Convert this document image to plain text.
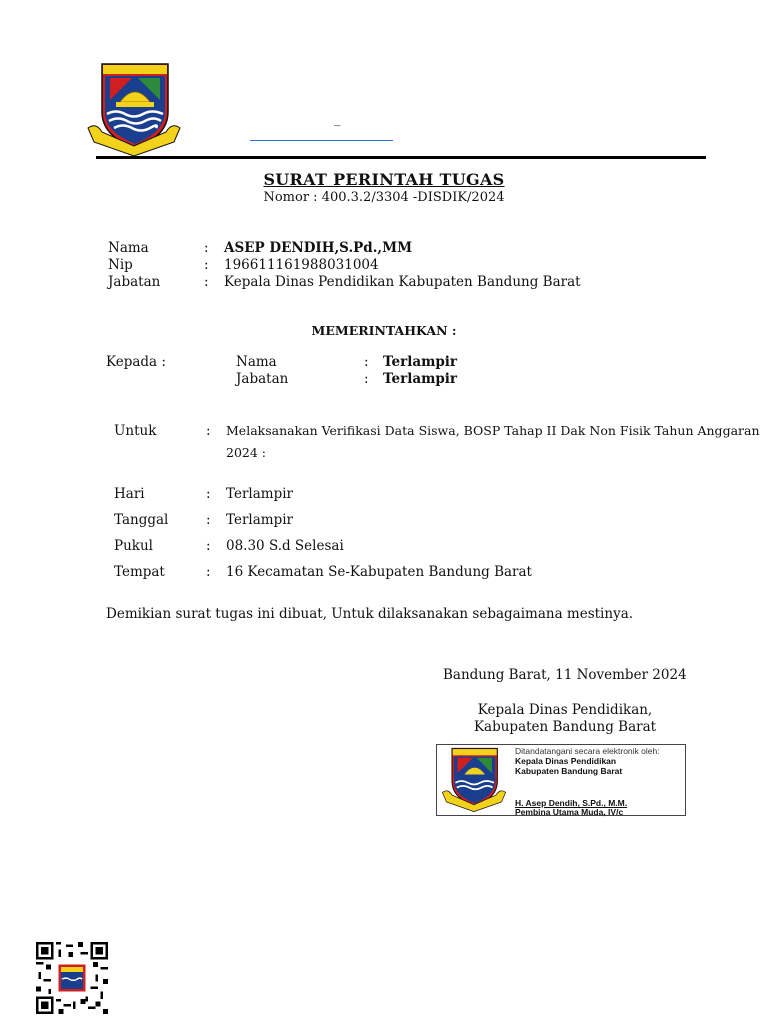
_
SURAT PERINTAH TUGAS
Nomor : 400.3.2/3304 -DISDIK/2024
Nama	: ASEP DENDIH,S.Pd.,MM
Nip	: 196611161988031004
Jabatan	: Kepala Dinas Pendidikan Kabupaten Bandung Barat
MEMERINTAHKAN :
Kepada :	Nama	: Terlampir
Jabatan	: Terlampir
Untuk	: Melaksanakan Verifikasi Data Siswa, BOSP Tahap II Dak Non Fisik Tahun Anggaran
2024 :
Hari	: Terlampir
Tanggal	: Terlampir
Pukul	: 08.30 S.d Selesai
Tempat	: 16 Kecamatan Se-Kabupaten Bandung Barat
Demikian surat tugas ini dibuat, Untuk dilaksanakan sebagaimana mestinya.
Bandung Barat, 11 November 2024
Kepala Dinas Pendidikan,
Kabupaten Bandung Barat
Ditandatangani secara elektronik oleh:
Kepala Dinas Pendidikan
Kabupaten Bandung Barat
H. Asep Dendih, S.Pd., M.M.
Pembina Utama Muda, IV/c
